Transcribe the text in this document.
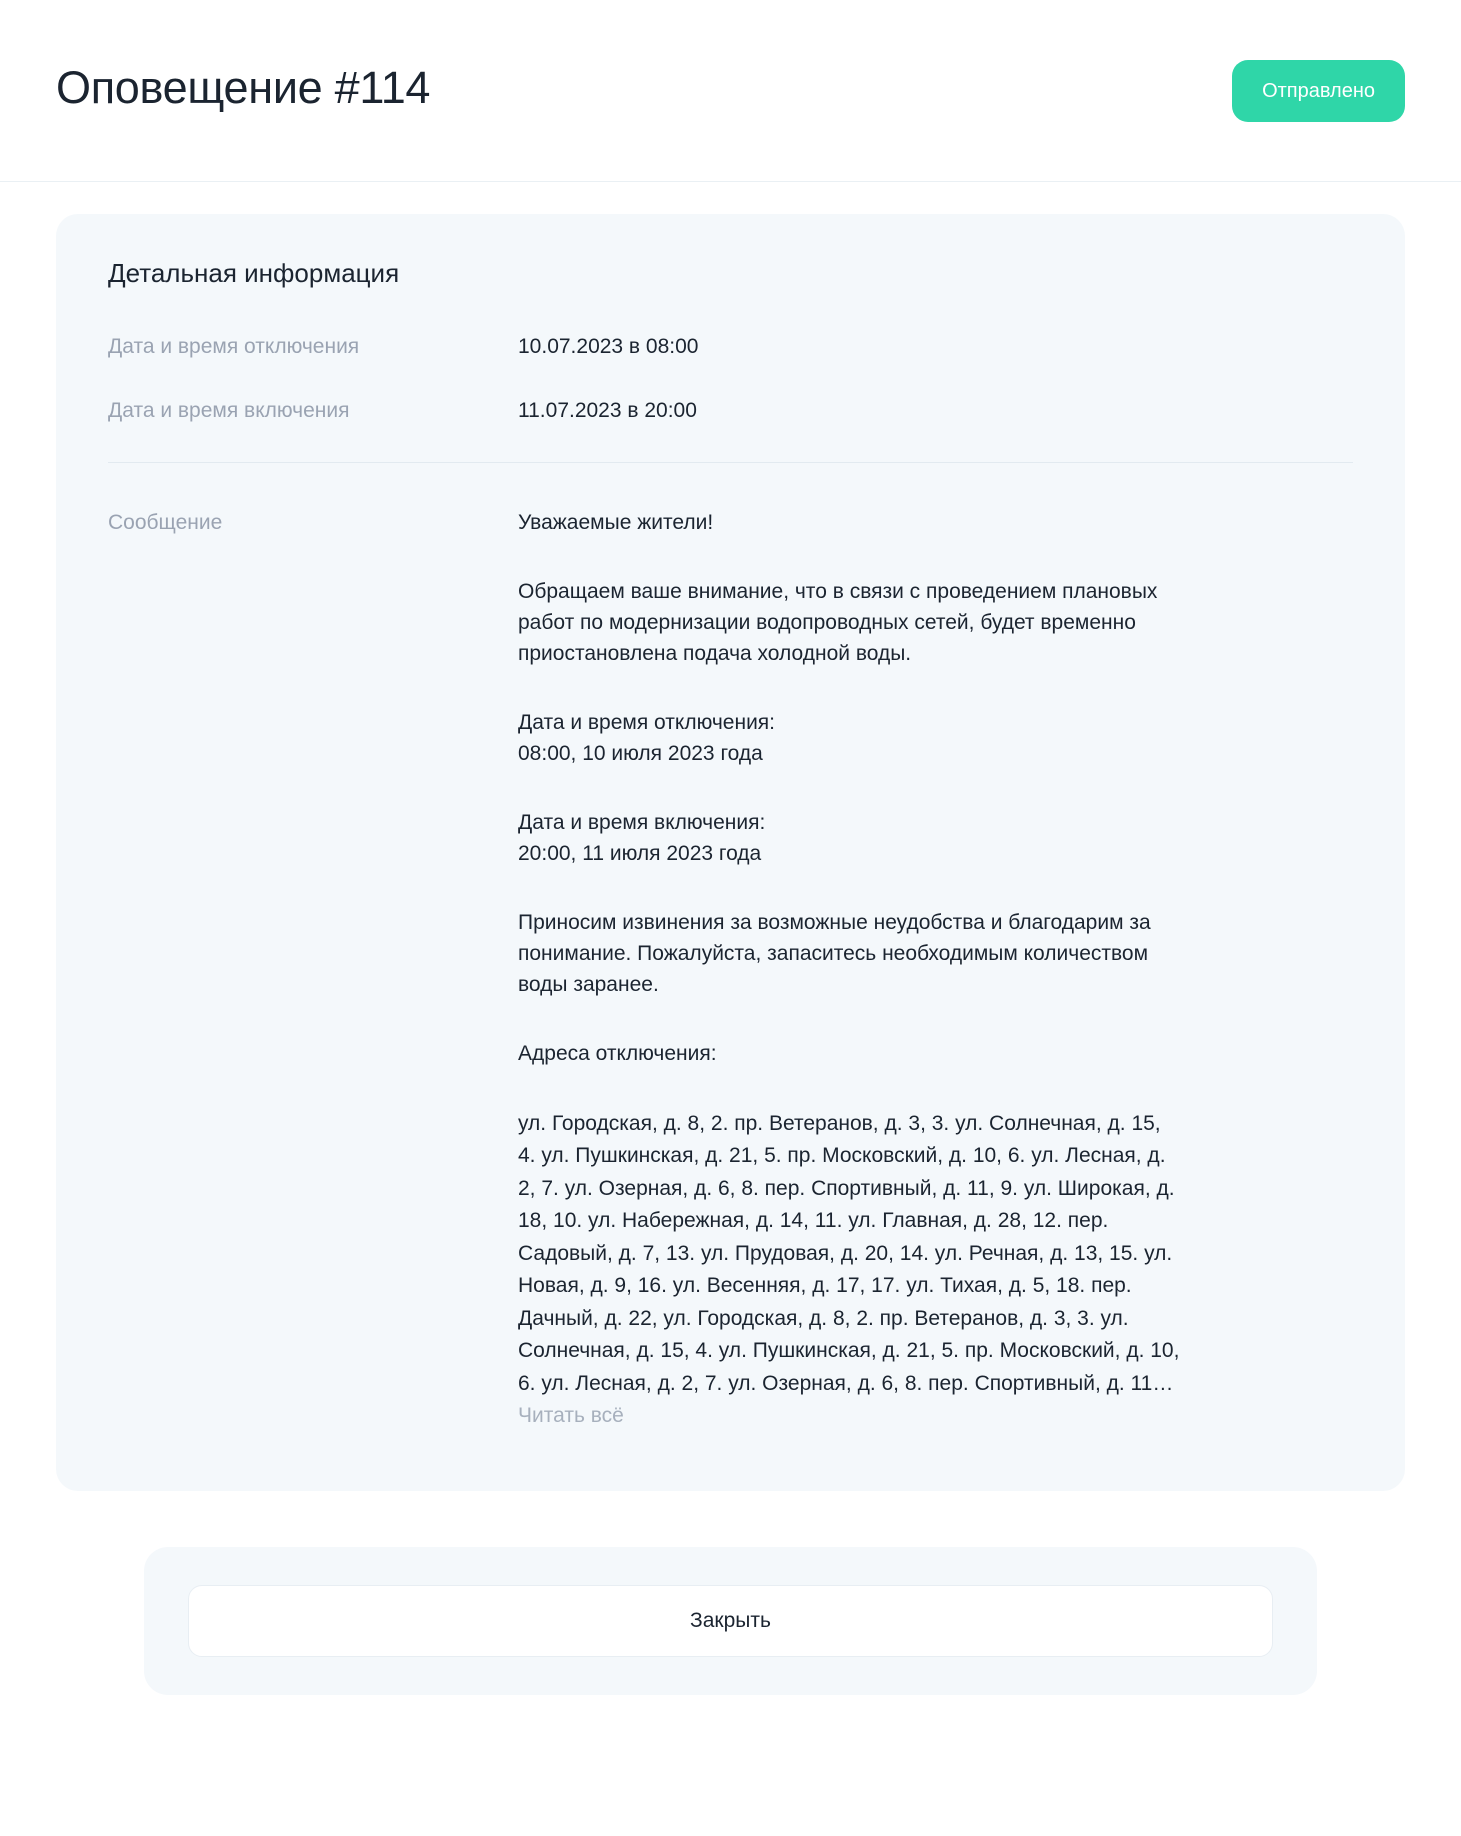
Оповещение #114	Отправлено
Детальная информация
Дата и время отключения	10.07.2023 в 08:00
Дата и время включения	11.07.2023 в 20:00
Сообщение	Уважаемые жители!

Обращаем ваше внимание, что в связи с проведением плановых работ по модернизации водопроводных сетей, будет временно приостановлена подача холодной воды.

Дата и время отключения:
08:00, 10 июля 2023 года

Дата и время включения:
20:00, 11 июля 2023 года

Приносим извинения за возможные неудобства и благодарим за понимание. Пожалуйста, запаситесь необходимым количеством воды заранее.

Адреса отключения:

ул. Городская, д. 8, 2. пр. Ветеранов, д. 3, 3. ул. Солнечная, д. 15, 4. ул. Пушкинская, д. 21, 5. пр. Московский, д. 10, 6. ул. Лесная, д. 2, 7. ул. Озерная, д. 6, 8. пер. Спортивный, д. 11, 9. ул. Широкая, д. 18, 10. ул. Набережная, д. 14, 11. ул. Главная, д. 28, 12. пер. Садовый, д. 7, 13. ул. Прудовая, д. 20, 14. ул. Речная, д. 13, 15. ул. Новая, д. 9, 16. ул. Весенняя, д. 17, 17. ул. Тихая, д. 5, 18. пер. Дачный, д. 22, ул. Городская, д. 8, 2. пр. Ветеранов, д. 3, 3. ул. Солнечная, д. 15, 4. ул. Пушкинская, д. 21, 5. пр. Московский, д. 10, 6. ул. Лесная, д. 2, 7. ул. Озерная, д. 6, 8. пер. Спортивный, д. 11… Читать всё

Закрыть
